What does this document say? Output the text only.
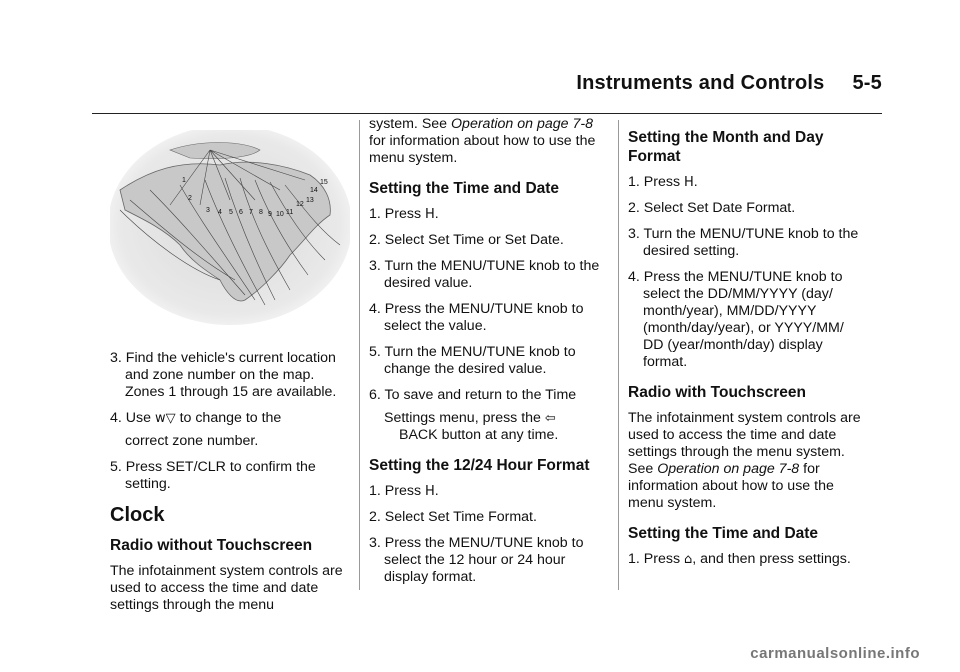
Instruments and Controls 5-5
1
2
3 4 5 6 7 8 9 10 11
12
13
14
15

3. Find the vehicle's current location and zone number on the map. Zones 1 through 15 are available.

4. Use w▽ to change to the
correct zone number.

5. Press SET/CLR to confirm the setting.

Clock
Radio without Touchscreen

The infotainment system controls are used to access the time and date settings through the menu

system. See Operation on page 7-8 for information about how to use the menu system.

Setting the Time and Date

1. Press H.

2. Select Set Time or Set Date.

3. Turn the MENU/TUNE knob to the desired value.

4. Press the MENU/TUNE knob to select the value.

5. Turn the MENU/TUNE knob to change the desired value.

6. To save and return to the Time
Settings menu, press the ⇦
BACK button at any time.

Setting the 12/24 Hour Format

1. Press H.

2. Select Set Time Format.

3. Press the MENU/TUNE knob to select the 12 hour or 24 hour display format.

Setting the Month and Day Format

1. Press H.

2. Select Set Date Format.

3. Turn the MENU/TUNE knob to the desired setting.

4. Press the MENU/TUNE knob to select the DD/MM/YYYY (day/ month/year), MM/DD/YYYY (month/day/year), or YYYY/MM/ DD (year/month/day) display format.

Radio with Touchscreen

The infotainment system controls are used to access the time and date settings through the menu system. See Operation on page 7-8 for information about how to use the menu system.

Setting the Time and Date

1. Press ⌂, and then press settings.

carmanualsonline.info
